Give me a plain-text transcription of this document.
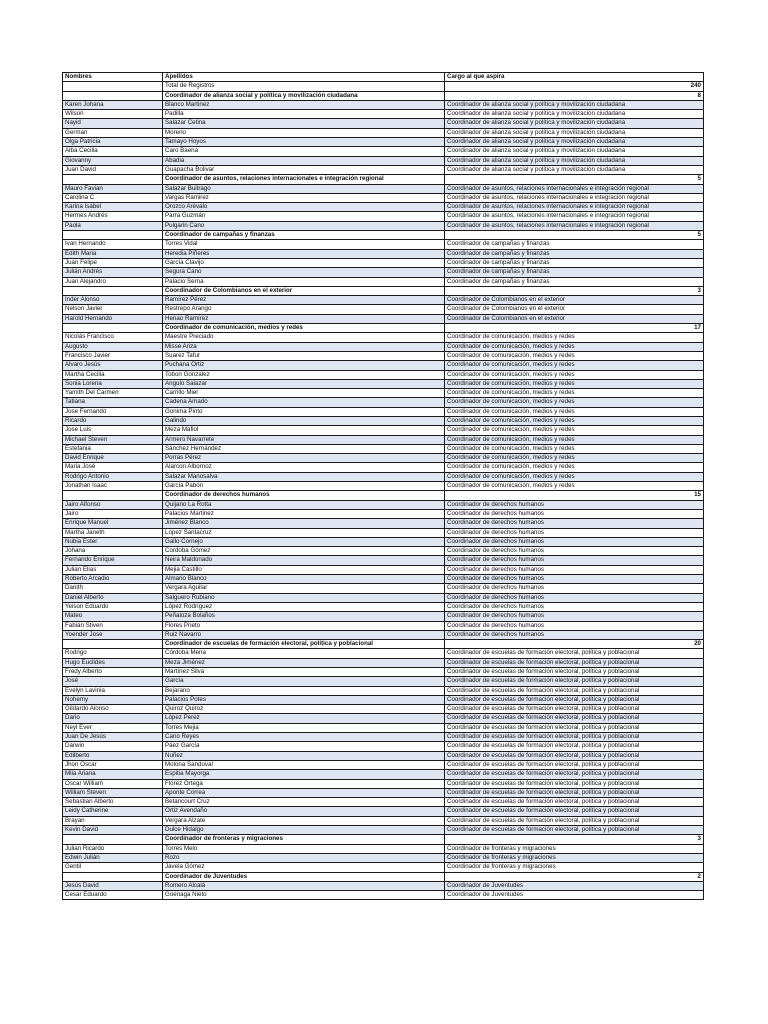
Nombres	Apellidos	Cargo al que aspira
	Total de Registros	240
	Coordinador de alianza social y política y movilización ciudadana	8
Karen Johana	Blanco Martinez	Coordinador de alianza social y política y movilización ciudadana
Wilson	Padilla	Coordinador de alianza social y política y movilización ciudadana
Nayid	Salazar Cetina	Coordinador de alianza social y política y movilización ciudadana
German	Moreno	Coordinador de alianza social y política y movilización ciudadana
Olga Patricia	Tamayo Hoyos	Coordinador de alianza social y política y movilización ciudadana
Alba Cecilia	Caro Baena	Coordinador de alianza social y política y movilización ciudadana
Giovanny	Abadia	Coordinador de alianza social y política y movilización ciudadana
Juan David	Guapacha Bolivar	Coordinador de alianza social y política y movilización ciudadana
	Coordinador de asuntos, relaciones internacionales e integración regional	5
Mauro Favian	Salazar Buitrago	Coordinador de asuntos, relaciones internacionales e integración regional
Carolina C	Vargas Ramirez	Coordinador de asuntos, relaciones internacionales e integración regional
Karina Isabel	Orozco Arévalo	Coordinador de asuntos, relaciones internacionales e integración regional
Hermes Andrés	Parra Guzmán	Coordinador de asuntos, relaciones internacionales e integración regional
Paola	Pulgarin Cano	Coordinador de asuntos, relaciones internacionales e integración regional
	Coordinador de campañas y finanzas	5
Ivan Hernando	Torres Vidal	Coordinador de campañas y finanzas
Edith Maria	Heredia Piñeres	Coordinador de campañas y finanzas
Juan Felipe	García Clavijo	Coordinador de campañas y finanzas
Julián Andrés	Segura Cano	Coordinador de campañas y finanzas
Juan Alejandro	Palacio Serna	Coordinador de campañas y finanzas
	Coordinador de Colombianos en el exterior	3
Inder Alonso	Ramírez Pérez	Coordinador de Colombianos en el exterior
Nelson Javier	Restrepo Arango	Coordinador de Colombianos en el exterior
Harold Hernando	Henao Ramírez	Coordinador de Colombianos en el exterior
	Coordinador de comunicación, medios y redes	17
Nicolás Francisco	Maestre Preciado	Coordinador de comunicación, medios y redes
Augusto	Misse Ariza	Coordinador de comunicación, medios y redes
Francisco Javier	Suarez Tafur	Coordinador de comunicación, medios y redes
Alvaro Jesús	Puchana Ortiz	Coordinador de comunicación, medios y redes
Martha Cecilia	Tobon Gonzalez	Coordinador de comunicación, medios y redes
Sonia Lorena	Angulo Salazar	Coordinador de comunicación, medios y redes
Yamith Del Carmen	Carrillo Mier	Coordinador de comunicación, medios y redes
Tatiana	Cadena Amado	Coordinador de comunicación, medios y redes
Jose Fernando	Gonima Pinto	Coordinador de comunicación, medios y redes
Ricardo	Galindo	Coordinador de comunicación, medios y redes
Jose Luis	Meza Mafiol	Coordinador de comunicación, medios y redes
Michael Steven	Armero Navarrete	Coordinador de comunicación, medios y redes
Estefania	Sánchez Hernández	Coordinador de comunicación, medios y redes
David Enrique	Porras Pérez	Coordinador de comunicación, medios y redes
Maria José	Alarcon Albornoz	Coordinador de comunicación, medios y redes
Rodrigo Antonio	Salazar Manosalva	Coordinador de comunicación, medios y redes
Jonathan Isaac	García Pabón	Coordinador de comunicación, medios y redes
	Coordinador de derechos humanos	15
Jairo Alfonso	Quijano La Rotta	Coordinador de derechos humanos
Jairo	Palacios Martinez	Coordinador de derechos humanos
Enrique Manuel	Jiménez Blanco	Coordinador de derechos humanos
Martha Janeth	Lopez Santacruz	Coordinador de derechos humanos
Nubia Ester	Gallo Cornejo	Coordinador de derechos humanos
Johana	Cordoba Gómez	Coordinador de derechos humanos
Fernando Enrique	Neira Maldonado	Coordinador de derechos humanos
Julian Elias	Mejia Castillo	Coordinador de derechos humanos
Roberto Arcadio	Almario Blanco	Coordinador de derechos humanos
Danith	Vergara Aguilar	Coordinador de derechos humanos
Daniel Alberto	Salguero Rubiano	Coordinador de derechos humanos
Yeison Eduardo	López Rodríguez	Coordinador de derechos humanos
Mateo	Peñaloza Bolaños	Coordinador de derechos humanos
Fabián Stiven	Flores Prieto	Coordinador de derechos humanos
Yoender Jose	Ruiz Navarro	Coordinador de derechos humanos
	Coordinador de escuelas de formación electoral, política y poblacional	20
Rodrigo	Córdoba Mena	Coordinador de escuelas de formación electoral, política y poblacional
Hugo Euclides	Meza Jiménez	Coordinador de escuelas de formación electoral, política y poblacional
Fredy Alberto	Martínez Silva	Coordinador de escuelas de formación electoral, política y poblacional
José	García	Coordinador de escuelas de formación electoral, política y poblacional
Evelyn Lavinia	Bejarano	Coordinador de escuelas de formación electoral, política y poblacional
Nohemy	Palacios Potes	Coordinador de escuelas de formación electoral, política y poblacional
Gildardo Alonso	Quiroz Quiroz	Coordinador de escuelas de formación electoral, política y poblacional
Dario	López Perez	Coordinador de escuelas de formación electoral, política y poblacional
Neyl Ever	Torres Mejia	Coordinador de escuelas de formación electoral, política y poblacional
Juan De Jesús	Cano Reyes	Coordinador de escuelas de formación electoral, política y poblacional
Darwin	Páez García	Coordinador de escuelas de formación electoral, política y poblacional
Edilberto	Nuñez	Coordinador de escuelas de formación electoral, política y poblacional
Jhon Oscar	Molona Sandoval	Coordinador de escuelas de formación electoral, política y poblacional
Mila Ariana	Espitia Mayorga	Coordinador de escuelas de formación electoral, política y poblacional
Oscar William	Flórez Ortega	Coordinador de escuelas de formación electoral, política y poblacional
William Steven	Aponte Correa	Coordinador de escuelas de formación electoral, política y poblacional
Sebastian Alberto	Betancourt Cruz	Coordinador de escuelas de formación electoral, política y poblacional
Leidy Catherine	Ortiz Avendaño	Coordinador de escuelas de formación electoral, política y poblacional
Brayan	Vergara Alzate	Coordinador de escuelas de formación electoral, política y poblacional
Kevin David	Dulce Hidalgo	Coordinador de escuelas de formación electoral, política y poblacional
	Coordinador de fronteras y migraciones	3
Julian Ricardo	Torres Melo	Coordinador de fronteras y migraciones
Edwin Julián	Rozo	Coordinador de fronteras y migraciones
Gentil	Javela Gómez	Coordinador de fronteras y migraciones
	Coordinador de Juventudes	2
Jesús David	Romero Alcalá	Coordinador de Juventudes
Cesar Eduardo	Goenaga Nieto	Coordinador de Juventudes
